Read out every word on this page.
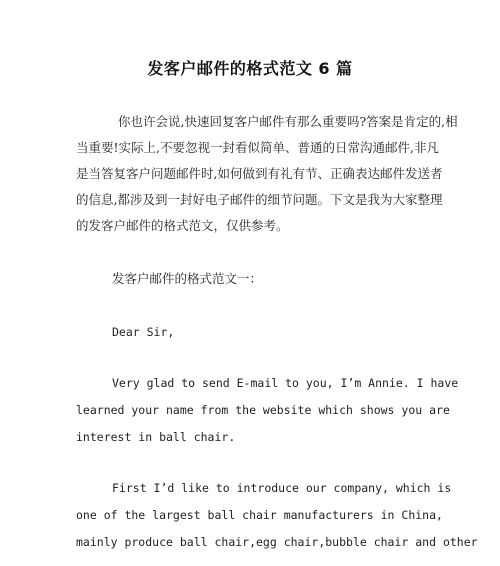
发客户邮件的格式范文 6 篇
你也许会说,快速回复客户邮件有那么重要吗?答案是肯定的,相
当重要!实际上,不要忽视一封看似简单、普通的日常沟通邮件,非凡
是当答复客户问题邮件时,如何做到有礼有节、正确表达邮件发送者
的信息,都涉及到一封好电子邮件的细节问题。下文是我为大家整理
的发客户邮件的格式范文，仅供参考。
发客户邮件的格式范文一：
Dear Sir,
Very glad to send E-mail to you, I’m Annie. I have
learned your name from the website which shows you are
interest in ball chair.
First I’d like to introduce our company, which is
one of the largest ball chair manufacturers in China,
mainly produce ball chair,egg chair,bubble chair and other
